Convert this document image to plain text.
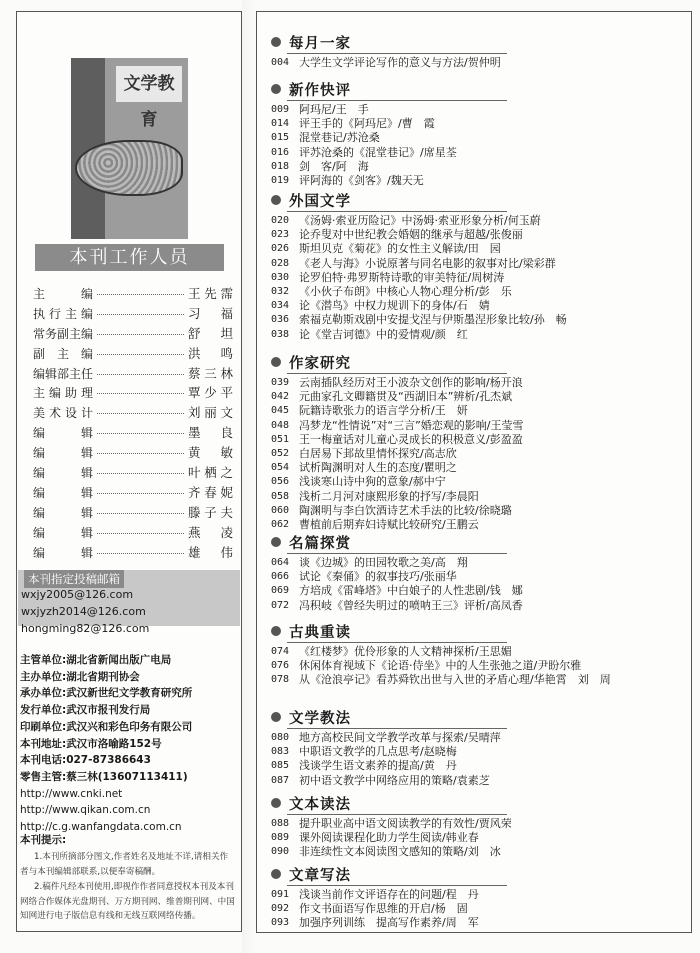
文学教育
本刊工作人员
主编	王先霈
执行主编	习福
常务副主编	舒坦
副主编	洪鸣
编辑部主任	蔡三林
主编助理	覃少平
美术设计	刘丽文
编辑	墨良
编辑	黄敏
编辑	叶栖之
编辑	齐春妮
编辑	滕子夫
编辑	燕凌
编辑	雄伟
本刊指定投稿邮箱
wxjy2005@126.com
wxjyzh2014@126.com
hongming82@126.com
主管单位:湖北省新闻出版广电局
主办单位:湖北省期刊协会
承办单位:武汉新世纪文学教育研究所
发行单位:武汉市报刊发行局
印刷单位:武汉兴和彩色印务有限公司
本刊地址:武汉市洛喻路152号
本刊电话:027-87386643
零售主管:蔡三林(13607113411)
http://www.cnki.net
http://www.qikan.com.cn
http://c.g.wanfangdata.com.cn
本刊提示:
1.本刊所摘部分图文,作者姓名及地址不详,请相关作者与本刊编辑部联系,以便奉寄稿酬。
2.稿件凡经本刊使用,即视作作者同意授权本刊及本刊网络合作媒体光盘期刊、万方期刊网、维普期刊网、中国知网进行电子版信息有线和无线互联网络传播。
每月一家
004 大学生文学评论写作的意义与方法/贺仲明
新作快评
009 阿玛尼/王　手
014 评王手的《阿玛尼》/曹　霞
015 混堂巷记/苏沧桑
016 评苏沧桑的《混堂巷记》/席星荃
018 剑　客/阿　海
019 评阿海的《剑客》/魏天无
外国文学
020 《汤姆·索亚历险记》中汤姆·索亚形象分析/何玉蔚
023 论乔叟对中世纪教会婚姻的继承与超越/张俊丽
026 斯坦贝克《菊花》的女性主义解读/田　园
028 《老人与海》小说原著与同名电影的叙事对比/梁彩群
030 论罗伯特·弗罗斯特诗歌的审美特征/周树涛
032 《小伙子布朗》中核心人物心理分析/彭　乐
034 论《潜鸟》中权力规训下的身体/石　婧
036 索福克勒斯戏剧中安提戈涅与伊斯墨涅形象比较/孙　畅
038 论《堂吉诃德》中的爱情观/颜　红
作家研究
039 云南插队经历对王小波杂文创作的影响/杨开浪
042 元曲家孔文卿籍贯及“西湖旧本”辨析/孔杰斌
045 阮籍诗歌张力的语言学分析/王　妍
048 冯梦龙“性情说”对“三言”婚恋观的影响/王莹雪
051 王一梅童话对儿童心灵成长的积极意义/彭盈盈
052 白居易下邽故里情怀探究/高志欣
054 试析陶渊明对人生的态度/瞿明之
056 浅谈寒山诗中狗的意象/郝中宁
058 浅析二月河对康熙形象的抒写/李晨阳
060 陶渊明与李白饮酒诗艺术手法的比较/徐晓璐
062 曹植前后期弃妇诗赋比较研究/王鹏云
名篇探赏
064 谈《边城》的田园牧歌之美/高　翔
066 试论《秦俑》的叙事技巧/张丽华
069 方培成《雷峰塔》中白娘子的人性悲剧/钱　娜
072 冯积岐《曾经失明过的喷呐王三》评析/高凤香
古典重读
074 《红楼梦》优伶形象的人文精神探析/王思媚
076 休闲体育视域下《论语·侍坐》中的人生张弛之道/尹盼尔雅
078 从《沧浪亭记》看苏舜钦出世与入世的矛盾心理/华艳霄　刘　周
文学教法
080 地方高校民间文学教学改革与探索/吴晴萍
083 中职语文教学的几点思考/赵晓梅
085 浅谈学生语文素养的提高/黄　丹
087 初中语文教学中网络应用的策略/袁素芝
文本读法
088 提升职业高中语文阅读教学的有效性/贾风荣
089 课外阅读课程化助力学生阅读/韩业春
090 非连续性文本阅读图文感知的策略/刘　冰
文章写法
091 浅谈当前作文评语存在的问题/程　丹
092 作文书面语写作思维的开启/杨　固
093 加强序列训练　提高写作素养/周　军
